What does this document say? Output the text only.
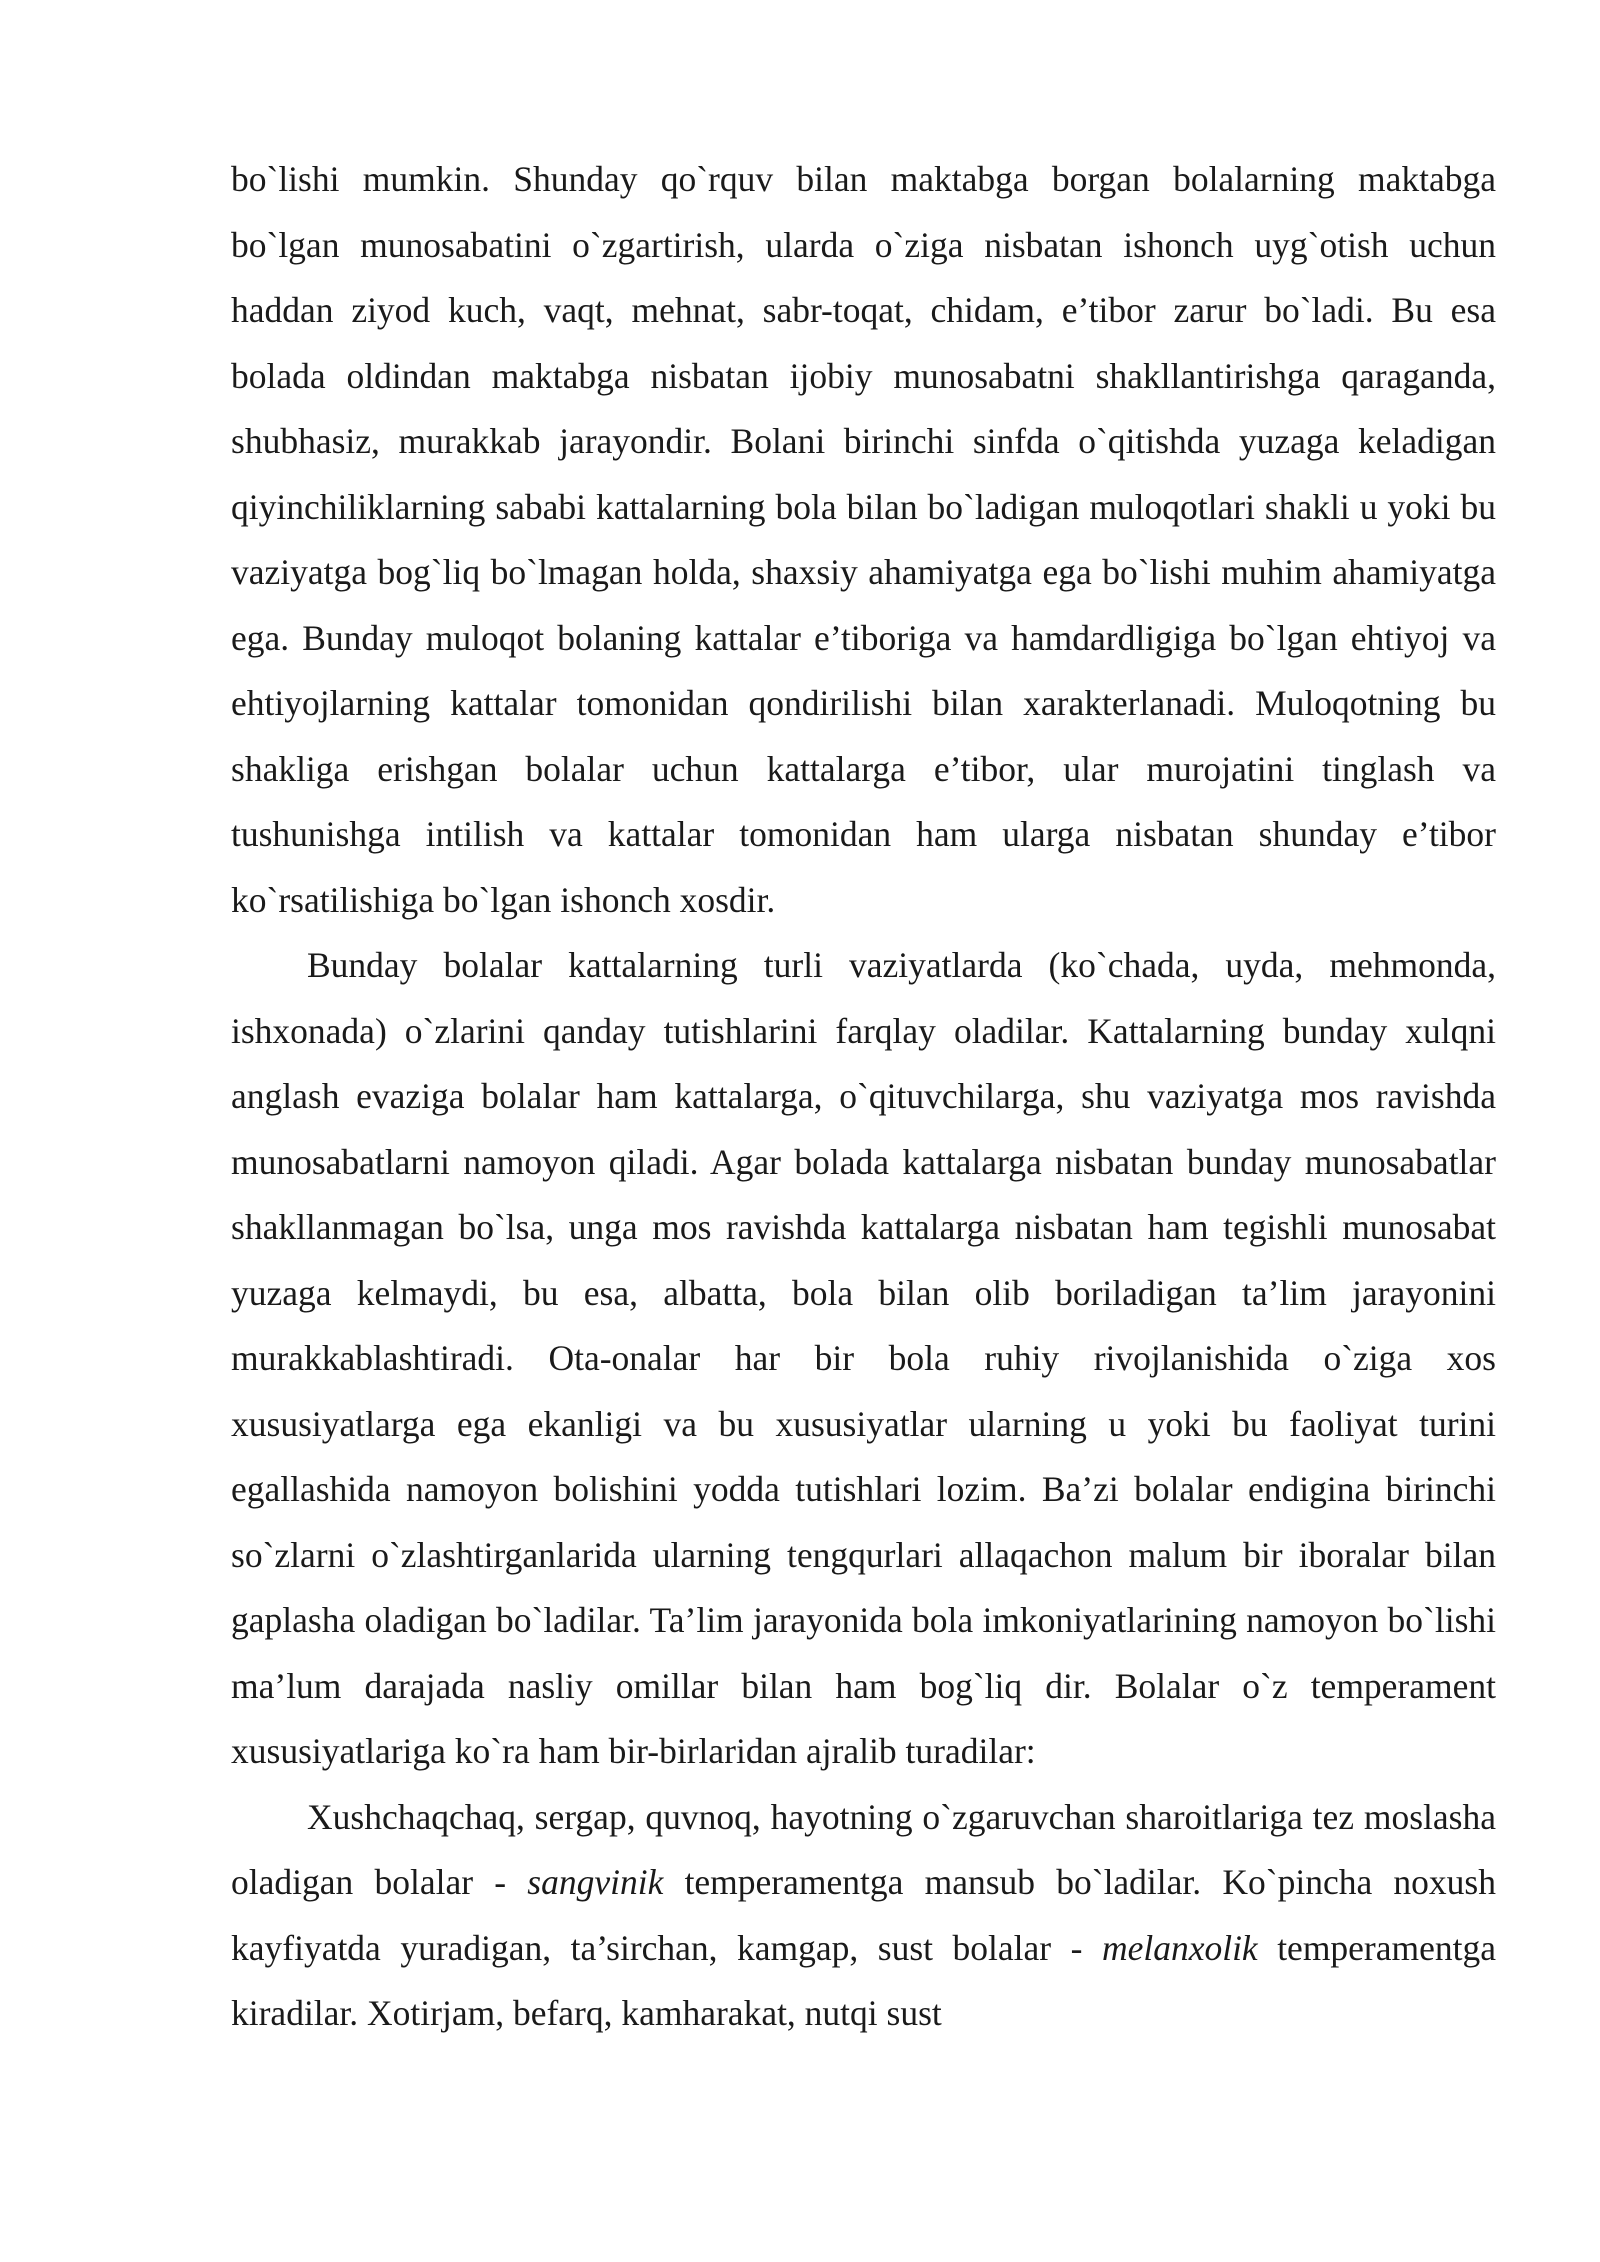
bo`lishi mumkin. Shunday qo`rquv bilan maktabga borgan bolalarning maktabga bo`lgan munosabatini o`zgartirish, ularda o`ziga nisbatan ishonch uyg`otish uchun haddan ziyod kuch, vaqt, mehnat, sabr-toqat, chidam, e’tibor zarur bo`ladi. Bu esa bolada oldindan maktabga nisbatan ijobiy munosabatni shakllantirishga qaraganda, shubhasiz, murakkab jarayondir. Bolani birinchi sinfda o`qitishda yuzaga keladigan qiyinchiliklarning sababi kattalarning bola bilan bo`ladigan muloqotlari shakli u yoki bu vaziyatga bog`liq bo`lmagan holda, shaxsiy ahamiyatga ega bo`lishi muhim ahamiyatga ega. Bunday muloqot bolaning kattalar e’tiboriga va hamdardligiga bo`lgan ehtiyoj va ehtiyojlarning kattalar tomonidan qondirilishi bilan xarakterlanadi. Muloqotning bu shakliga erishgan bolalar uchun kattalarga e’tibor, ular murojatini tinglash va tushunishga intilish va kattalar tomonidan ham ularga nisbatan shunday e’tibor ko`rsatilishiga bo`lgan ishonch xosdir.

Bunday bolalar kattalarning turli vaziyatlarda (ko`chada, uyda, mehmonda, ishxonada) o`zlarini qanday tutishlarini farqlay oladilar. Kattalarning bunday xulqni anglash evaziga bolalar ham kattalarga, o`qituvchilarga, shu vaziyatga mos ravishda munosabatlarni namoyon qiladi. Agar bolada kattalarga nisbatan bunday munosabatlar shakllanmagan bo`lsa, unga mos ravishda kattalarga nisbatan ham tegishli munosabat yuzaga kelmaydi, bu esa, albatta, bola bilan olib boriladigan ta’lim jarayonini murakkablashtiradi. Ota-onalar har bir bola ruhiy rivojlanishida o`ziga xos xususiyatlarga ega ekanligi va bu xususiyatlar ularning u yoki bu faoliyat turini egallashida namoyon bolishini yodda tutishlari lozim. Ba’zi bolalar endigina birinchi so`zlarni o`zlashtirganlarida ularning tengqurlari allaqachon malum bir iboralar bilan gaplasha oladigan bo`ladilar. Ta’lim jarayonida bola imkoniyatlarining namoyon bo`lishi ma’lum darajada nasliy omillar bilan ham bog`liq dir. Bolalar o`z temperament xususiyatlariga ko`ra ham bir-birlaridan ajralib turadilar:

Xushchaqchaq, sergap, quvnoq, hayotning o`zgaruvchan sharoitlariga tez moslasha oladigan bolalar - sangvinik temperamentga mansub bo`ladilar. Ko`pincha noxush kayfiyatda yuradigan, ta’sirchan, kamgap, sust bolalar - melanxolik temperamentga kiradilar. Xotirjam, befarq, kamharakat, nutqi sust
